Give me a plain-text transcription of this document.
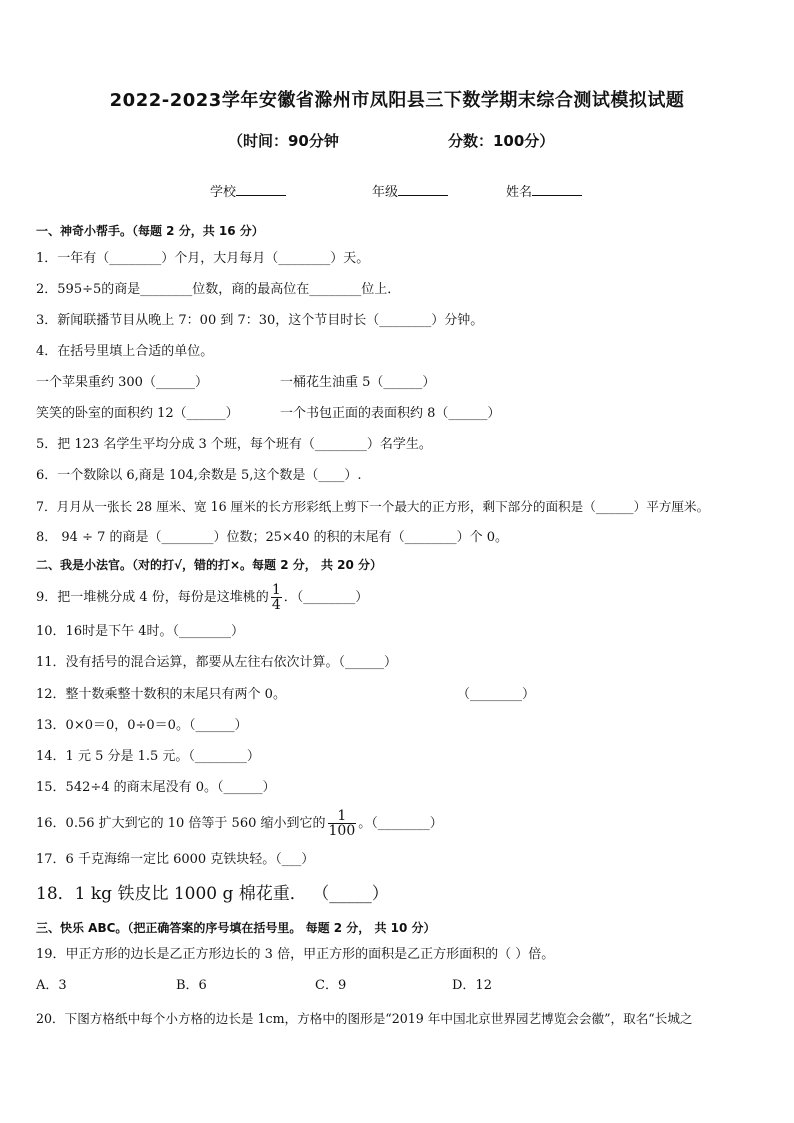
2022-2023学年安徽省滁州市凤阳县三下数学期末综合测试模拟试题
（时间：90分钟	分数：100分）
学校	年级	姓名
一、神奇小帮手。（每题 2 分，共 16 分）
1．一年有（________）个月，大月每月（________）天。
2．595÷5的商是________位数，商的最高位在________位上．
3．新闻联播节目从晚上 7：00 到 7：30，这个节目时长（________）分钟。
4．在括号里填上合适的单位。
一个苹果重约 300（______）	一桶花生油重 5（______）
笑笑的卧室的面积约 12（______）	一个书包正面的表面积约 8（______）
5．把 123 名学生平均分成 3 个班，每个班有（________）名学生。
6．一个数除以 6,商是 104,余数是 5,这个数是（____）.
7．月月从一张长 28 厘米、宽 16 厘米的长方形彩纸上剪下一个最大的正方形，剩下部分的面积是（______）平方厘米。
8． 94 ÷ 7 的商是（________）位数；25×40 的积的末尾有（________）个 0。
二、我是小法官。（对的打√，错的打×。每题 2 分， 共 20 分）
9．把一堆桃分成 4 份，每份是这堆桃的 $\frac{1}{4}$ ．（________）
10．16时是下午 4时。（________）
11．没有括号的混合运算，都要从左往右依次计算。（______）
12．整十数乘整十数积的末尾只有两个 0。	（________）
13．0×0＝0，0÷0＝0。（______）
14．1 元 5 分是 1.5 元。（________）
15．542÷4 的商末尾没有 0。（______）
16．0.56 扩大到它的 10 倍等于 560 缩小到它的 $\frac{1}{100}$ 。（________）
17．6 千克海绵一定比 6000 克铁块轻。（___）
18．1 kg 铁皮比 1000 g 棉花重． （_____）
三、快乐 ABC。（把正确答案的序号填在括号里。 每题 2 分， 共 10 分）
19．甲正方形的边长是乙正方形边长的 3 倍，甲正方形的面积是乙正方形面积的（ ）倍。
A．3	B．6	C．9	D．12
20．下图方格纸中每个小方格的边长是 1cm，方格中的图形是“2019 年中国北京世界园艺博览会会徽”，取名“长城之
